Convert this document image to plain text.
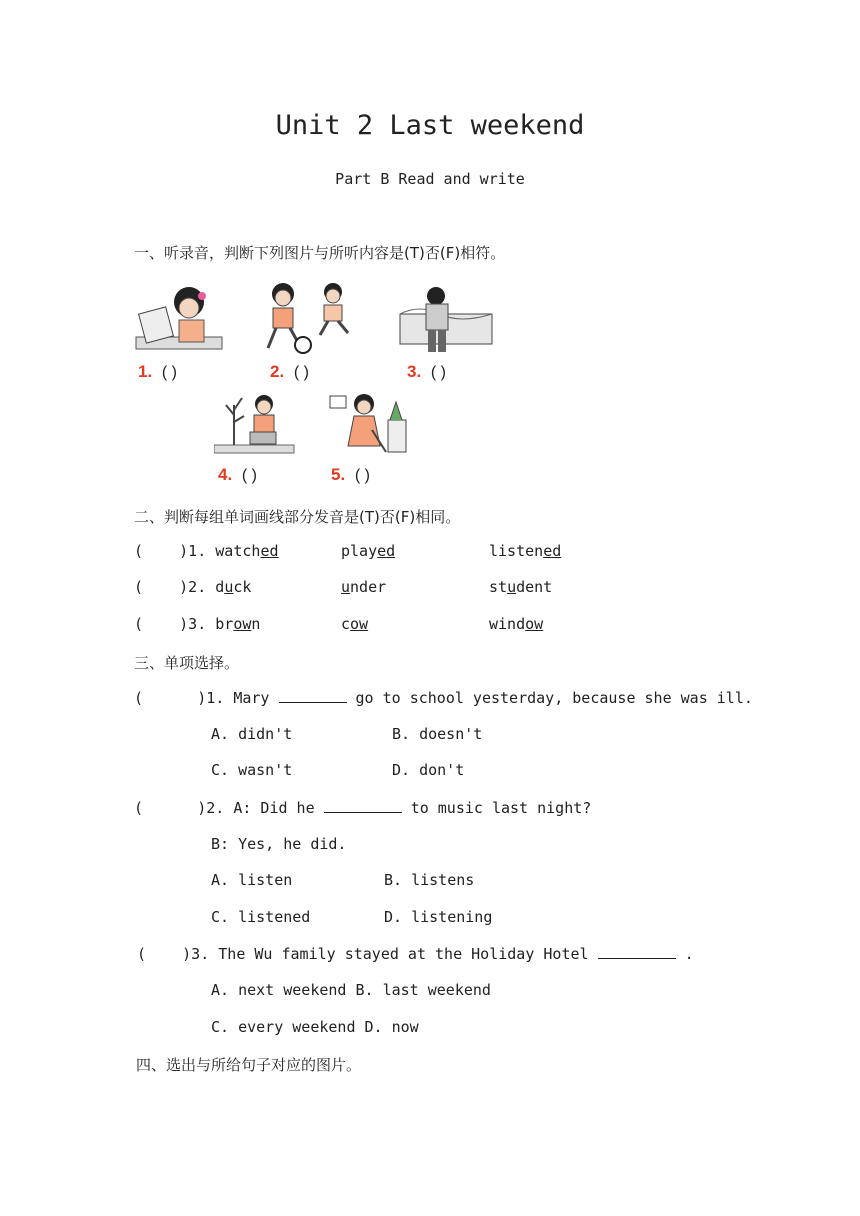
Unit 2 Last weekend
Part B Read and write
一、听录音，判断下列图片与所听内容是(T)否(F)相符。
1. ( )	2. ( )	3. ( )
4. ( )	5. ( )
二、判断每组单词画线部分发音是(T)否(F)相同。
(    )1. watched	played	listened
(    )2. duck	under	student
(    )3. brown	cow	window
三、单项选择。
(      )1. Mary	go to school yesterday, because she was ill.
A. didn't	B. doesn't
C. wasn't	D. don't
(      )2. A: Did he	to music last night?
B: Yes, he did.
A. listen	B. listens
C. listened	D. listening
(    )3. The Wu family stayed at the Holiday Hotel	.
A. next weekend B. last weekend
C. every weekend D. now
四、选出与所给句子对应的图片。
